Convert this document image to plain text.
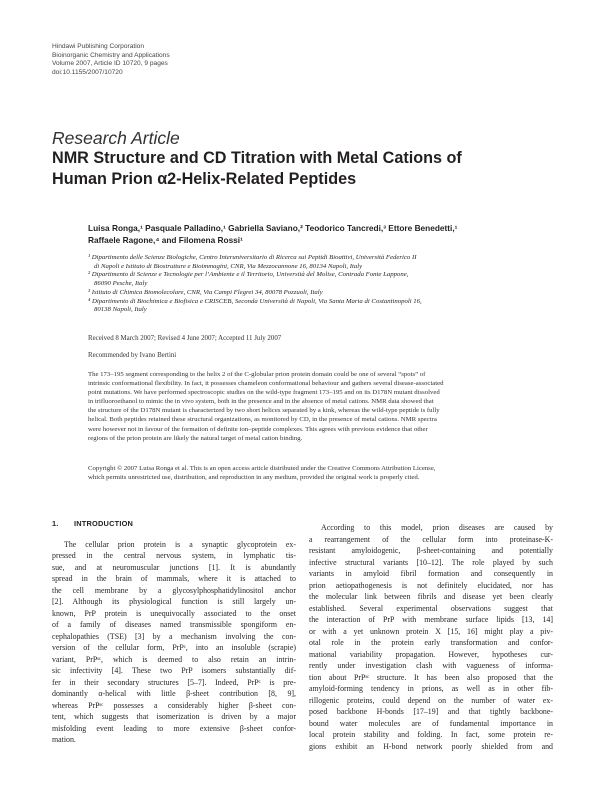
Hindawi Publishing Corporation
Bioinorganic Chemistry and Applications
Volume 2007, Article ID 10720, 9 pages
doi:10.1155/2007/10720
Research Article
NMR Structure and CD Titration with Metal Cations of
Human Prion α2-Helix-Related Peptides
Luisa Ronga,¹ Pasquale Palladino,¹ Gabriella Saviano,² Teodorico Tancredi,³ Ettore Benedetti,¹
Raffaele Ragone,⁴ and Filomena Rossi¹
¹ Dipartimento delle Scienze Biologiche, Centro Interuniversitario di Ricerca sui Peptidi Bioattivi, Università Federico II
di Napoli e Istituto di Biostrutture e Bioimmagini, CNR, Via Mezzocannone 16, 80134 Napoli, Italy
² Dipartimento di Scienze e Tecnologie per l’Ambiente e il Territorio, Università del Molise, Contrada Fonte Lappone,
86090 Pesche, Italy
³ Istituto di Chimica Biomolecolare, CNR, Via Campi Flegrei 34, 80078 Pozzuoli, Italy
⁴ Dipartimento di Biochimica e Biofisica e CRISCEB, Seconda Università di Napoli, Via Santa Maria di Costantinopoli 16,
80138 Napoli, Italy
Received 8 March 2007; Revised 4 June 2007; Accepted 11 July 2007
Recommended by Ivano Bertini
The 173–195 segment corresponding to the helix 2 of the C-globular prion protein domain could be one of several “spots” of
intrinsic conformational flexibility. In fact, it possesses chameleon conformational behaviour and gathers several disease-associated
point mutations. We have performed spectroscopic studies on the wild-type fragment 173–195 and on its D178N mutant dissolved
in trifluoroethanol to mimic the in vivo system, both in the presence and in the absence of metal cations. NMR data showed that
the structure of the D178N mutant is characterized by two short helices separated by a kink, whereas the wild-type peptide is fully
helical. Both peptides retained these structural organizations, as monitored by CD, in the presence of metal cations. NMR spectra
were however not in favour of the formation of definite ion–peptide complexes. This agrees with previous evidence that other
regions of the prion protein are likely the natural target of metal cation binding.
Copyright © 2007 Luisa Ronga et al. This is an open access article distributed under the Creative Commons Attribution License,
which permits unrestricted use, distribution, and reproduction in any medium, provided the original work is properly cited.
1. INTRODUCTION
The cellular prion protein is a synaptic glycoprotein ex-
pressed in the central nervous system, in lymphatic tis-
sue, and at neuromuscular junctions [1]. It is abundantly
spread in the brain of mammals, where it is attached to
the cell membrane by a glycosylphosphatidylinositol anchor
[2]. Although its physiological function is still largely un-
known, PrP protein is unequivocally associated to the onset
of a family of diseases named transmissible spongiform en-
cephalopathies (TSE) [3] by a mechanism involving the con-
version of the cellular form, PrPᶜ, into an insoluble (scrapie)
variant, PrPˢᶜ, which is deemed to also retain an intrin-
sic infectivity [4]. These two PrP isomers substantially dif-
fer in their secondary structures [5–7]. Indeed, PrPᶜ is pre-
dominantly α-helical with little β-sheet contribution [8, 9],
whereas PrPˢᶜ possesses a considerably higher β-sheet con-
tent, which suggests that isomerization is driven by a major
misfolding event leading to more extensive β-sheet confor-
mation.
According to this model, prion diseases are caused by
a rearrangement of the cellular form into proteinase-K-
resistant amyloidogenic, β-sheet-containing and potentially
infective structural variants [10–12]. The role played by such
variants in amyloid fibril formation and consequently in
prion aetiopathogenesis is not definitely elucidated, nor has
the molecular link between fibrils and disease yet been clearly
established. Several experimental observations suggest that
the interaction of PrP with membrane surface lipids [13, 14]
or with a yet unknown protein X [15, 16] might play a piv-
otal role in the protein early transformation and confor-
mational variability propagation. However, hypotheses cur-
rently under investigation clash with vagueness of informa-
tion about PrPˢᶜ structure. It has been also proposed that the
amyloid-forming tendency in prions, as well as in other fib-
rillogenic proteins, could depend on the number of water ex-
posed backbone H-bonds [17–19] and that tightly backbone-
bound water molecules are of fundamental importance in
local protein stability and folding. In fact, some protein re-
gions exhibit an H-bond network poorly shielded from and
